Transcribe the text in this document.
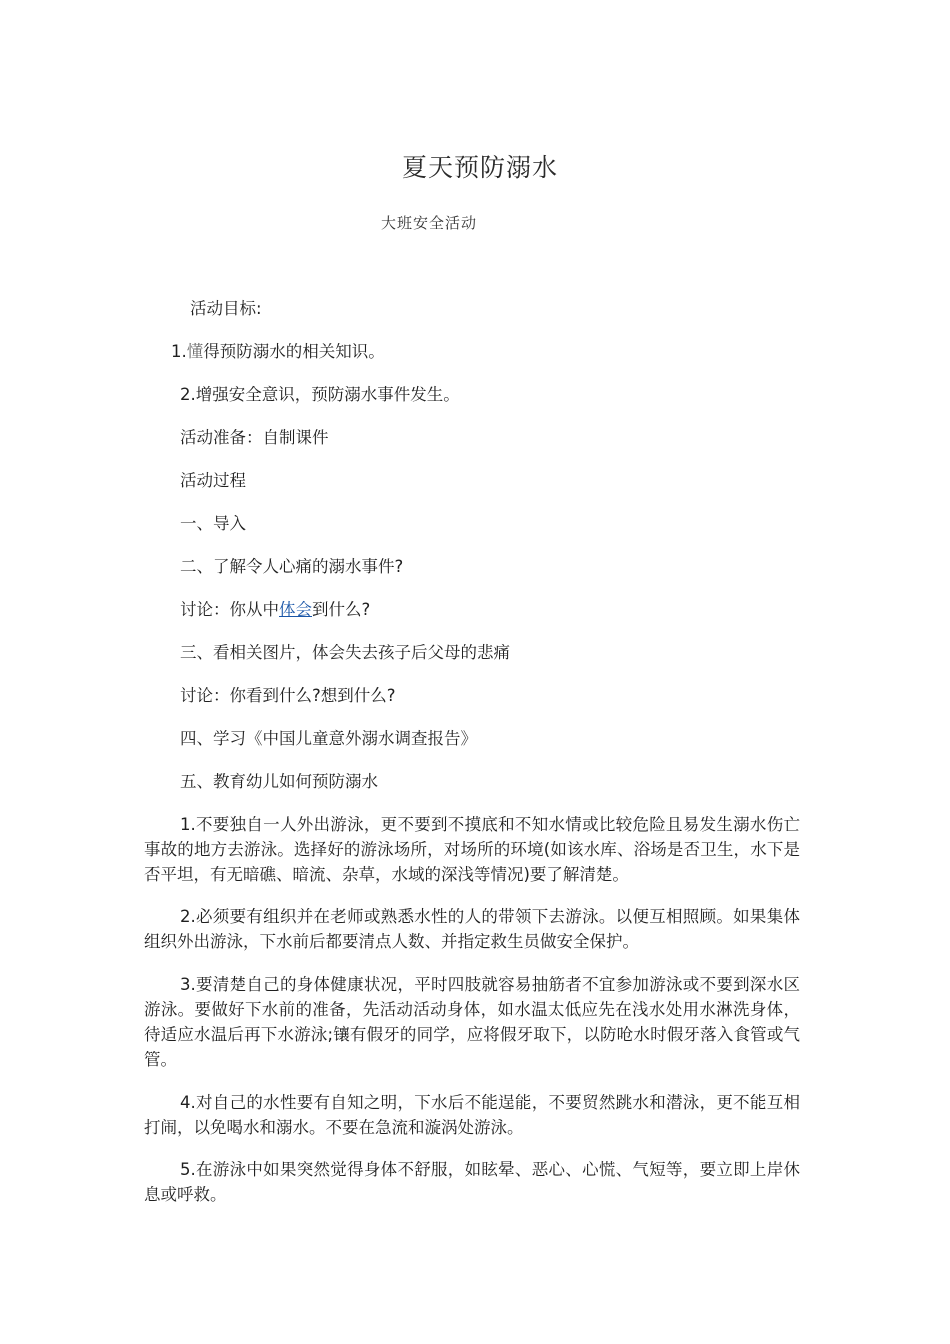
夏天预防溺水
大班安全活动
活动目标:
1.懂得预防溺水的相关知识。
2.增强安全意识，预防溺水事件发生。
活动准备：自制课件
活动过程
一、导入
二、了解令人心痛的溺水事件?
讨论：你从中体会到什么?
三、看相关图片，体会失去孩子后父母的悲痛
讨论：你看到什么?想到什么?
四、学习《中国儿童意外溺水调查报告》
五、教育幼儿如何预防溺水
1.不要独自一人外出游泳，更不要到不摸底和不知水情或比较危险且易发生溺水伤亡事故的地方去游泳。选择好的游泳场所，对场所的环境(如该水库、浴场是否卫生，水下是否平坦，有无暗礁、暗流、杂草，水域的深浅等情况)要了解清楚。
2.必须要有组织并在老师或熟悉水性的人的带领下去游泳。以便互相照顾。如果集体组织外出游泳，下水前后都要清点人数、并指定救生员做安全保护。
3.要清楚自己的身体健康状况，平时四肢就容易抽筋者不宜参加游泳或不要到深水区游泳。要做好下水前的准备，先活动活动身体，如水温太低应先在浅水处用水淋洗身体，待适应水温后再下水游泳;镶有假牙的同学，应将假牙取下，以防呛水时假牙落入食管或气管。
4.对自己的水性要有自知之明，下水后不能逞能，不要贸然跳水和潜泳，更不能互相打闹，以免喝水和溺水。不要在急流和漩涡处游泳。
5.在游泳中如果突然觉得身体不舒服，如眩晕、恶心、心慌、气短等，要立即上岸休息或呼救。
